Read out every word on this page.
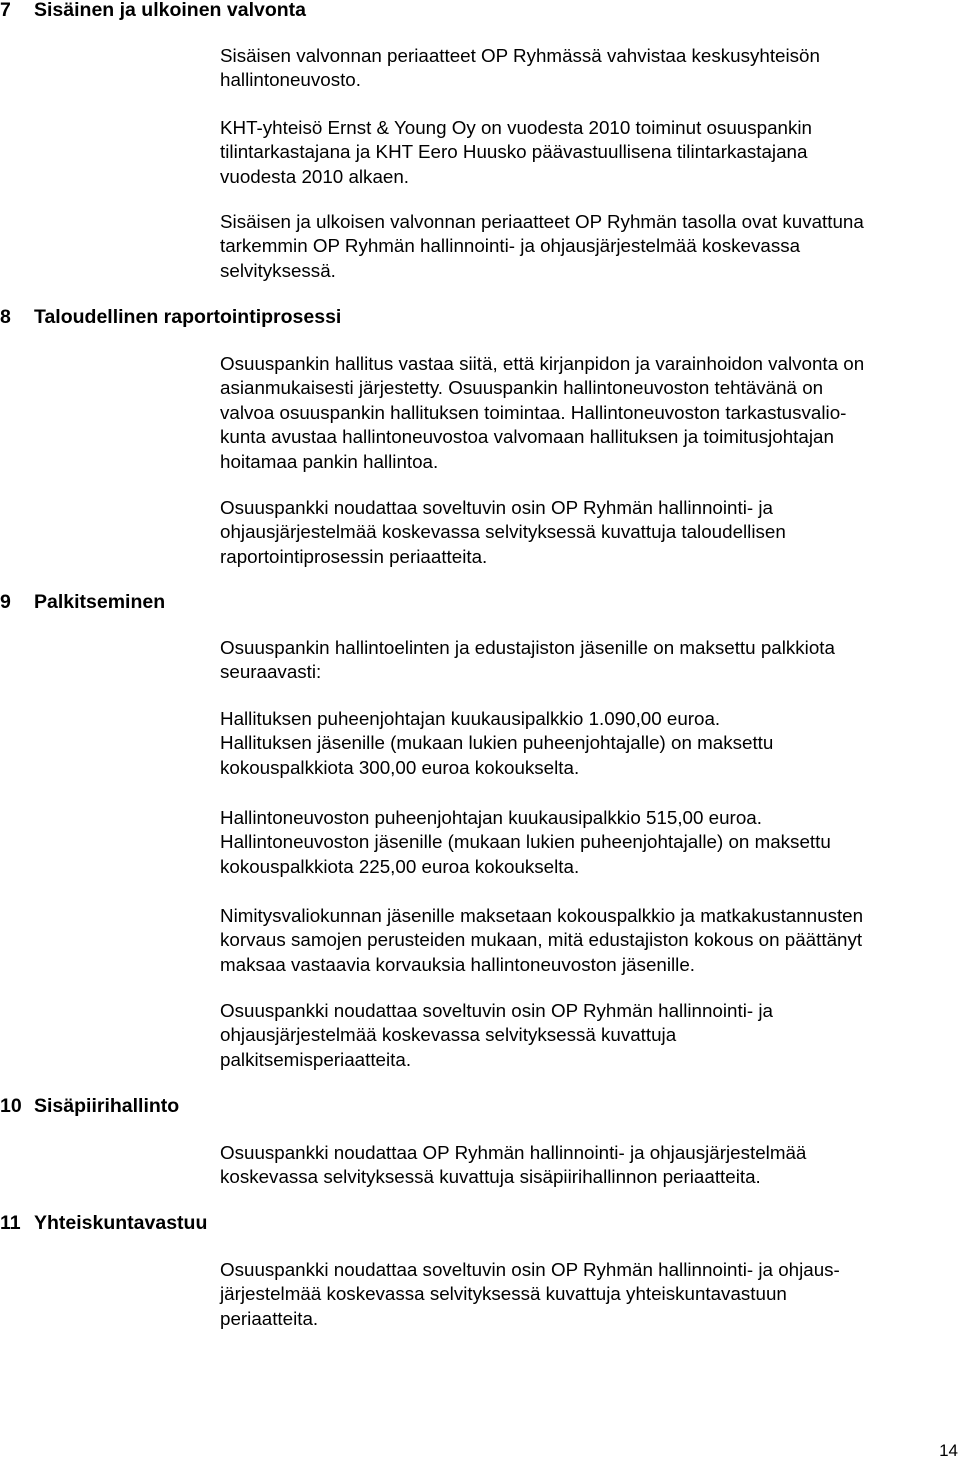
7 Sisäinen ja ulkoinen valvonta
8 Taloudellinen raportointiprosessi
9 Palkitseminen
10 Sisäpiirihallinto
11 Yhteiskuntavastuu

Sisäisen valvonnan periaatteet OP Ryhmässä vahvistaa keskusyhteisön
hallintoneuvosto.

KHT-yhteisö Ernst & Young Oy on vuodesta 2010 toiminut osuuspankin
tilintarkastajana ja KHT Eero Huusko päävastuullisena tilintarkastajana
vuodesta 2010 alkaen.

Sisäisen ja ulkoisen valvonnan periaatteet OP Ryhmän tasolla ovat kuvattuna
tarkemmin OP Ryhmän hallinnointi- ja ohjausjärjestelmää koskevassa
selvityksessä.

Osuuspankin hallitus vastaa siitä, että kirjanpidon ja varainhoidon valvonta on
asianmukaisesti järjestetty. Osuuspankin hallintoneuvoston tehtävänä on
valvoa osuuspankin hallituksen toimintaa. Hallintoneuvoston tarkastusvalio-
kunta avustaa hallintoneuvostoa valvomaan hallituksen ja toimitusjohtajan
hoitamaa pankin hallintoa.

Osuuspankki noudattaa soveltuvin osin OP Ryhmän hallinnointi- ja
ohjausjärjestelmää koskevassa selvityksessä kuvattuja taloudellisen
raportointiprosessin periaatteita.

Osuuspankin hallintoelinten ja edustajiston jäsenille on maksettu palkkiota
seuraavasti:

Hallituksen puheenjohtajan kuukausipalkkio 1.090,00 euroa.
Hallituksen jäsenille (mukaan lukien puheenjohtajalle) on maksettu
kokouspalkkiota 300,00 euroa kokoukselta.

Hallintoneuvoston puheenjohtajan kuukausipalkkio 515,00 euroa.
Hallintoneuvoston jäsenille (mukaan lukien puheenjohtajalle) on maksettu
kokouspalkkiota 225,00 euroa kokoukselta.

Nimitysvaliokunnan jäsenille maksetaan kokouspalkkio ja matkakustannusten
korvaus samojen perusteiden mukaan, mitä edustajiston kokous on päättänyt
maksaa vastaavia korvauksia hallintoneuvoston jäsenille.

Osuuspankki noudattaa soveltuvin osin OP Ryhmän hallinnointi- ja
ohjausjärjestelmää koskevassa selvityksessä kuvattuja
palkitsemisperiaatteita.

Osuuspankki noudattaa OP Ryhmän hallinnointi- ja ohjausjärjestelmää
koskevassa selvityksessä kuvattuja sisäpiirihallinnon periaatteita.

Osuuspankki noudattaa soveltuvin osin OP Ryhmän hallinnointi- ja ohjaus-
järjestelmää koskevassa selvityksessä kuvattuja yhteiskuntavastuun
periaatteita.

14
